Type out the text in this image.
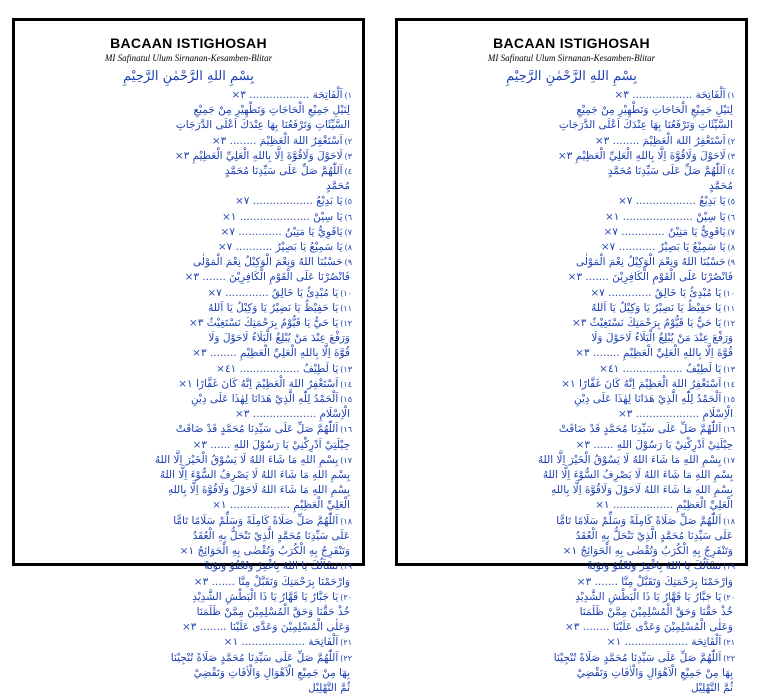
BACAAN ISTIGHOSAH
MI Safinatul Ulum Sirnanan-Kesamben-Blitar
بِسْمِ اللهِ الرَّحْمٰنِ الرَّحِيْمِ
(١
اَلْفَاتِحَة .................. ٣×
لِنَيْلِ جَمِيْعِ الْحَاجَاتِ وَتَطْهِيْرِ مِنْ جَمِيْعِ
السَّيِّئَاتِ وَتَرْفَعُنَا بِهَا عِنْدَكَ اَعْلَى الدَّرَجَاتِ
(٢
اَسْتَغْفِرُ اللهَ الْعَظِيْمَ ........ ٣×
(٣
لَاحَوْلَ وَلَاقُوَّةَ اِلَّا بِاللهِ الْعَلِيِّ الْعَظِيْمِ ٣×
(٤
اَللّٰهُمَّ صَلِّ عَلَى سَيِّدِنَا مُحَمَّدٍ
مُحَمَّدٍ
(٥
يَا بَدِيْعُ .................. ٧×
(٦
يَا سِيْنْ ..................... ١×
(٧
يَاقَوِيُّ يَا مَتِيْنُ ............. ٧×
(٨
يَا سَمِيْعُ يَا بَصِيْرُ ........... ٧×
(٩
حَسْبُنَا اللهُ وَنِعْمَ الْوَكِيْلُ نِعْمَ الْمَوْلٰى
فَانْصُرْنَا عَلَى الْقَوْمِ الْكَافِرِيْنَ ....... ٣×
(١٠
يَا مُبْدِئُ يَا خَالِقُ ............. ٧×
(١١
يَا حَفِيْظُ يَا نَصِيْرُ يَا وَكِيْلُ يَا اَللهُ
(١٢
يَا حَيُّ يَا قَيُّوْمُ بِرَحْمَتِكَ نَسْتَغِيْثُ ٣×
وَرَفْعَ عِنْدَ مَنْ يُبْلِغُ الْبَلَاءُ لَاحَوْلَ وَلَا
قُوَّةَ اِلَّا بِاللهِ الْعَلِيِّ الْعَظِيْمِ ........ ٣×
(١٣
يَا لَطِيْفُ .................. ٤١×
(١٤
اَسْتَغْفِرُ اللهَ الْعَظِيْمَ اِنَّهُ كَانَ غَفَّارًا ١×
(١٥
اَلْحَمْدُ لِلّٰهِ الَّذِيْ هَدَانَا لِهٰذَا عَلَى دِيْنِ
الْاِسْلَامِ ................... ٣×
(١٦
اَللّٰهُمَّ صَلِّ عَلَى سَيِّدِنَا مُحَمَّدٍ قَدْ ضَاقَتْ
حِيْلَتِيْ اَدْرِكْنِيْ يَا رَسُوْلَ اللهِ ...... ٣×
(١٧
بِسْمِ اللهِ مَا شَاءَ اللهُ لَا يَسُوْقُ الْخَيْرَ اِلَّا اللهُ
بِسْمِ اللهِ مَا شَاءَ اللهُ لَا يَصْرِفُ السُّوْءَ اِلَّا اللهُ
بِسْمِ اللهِ مَا شَاءَ اللهُ لَاحَوْلَ وَلَاقُوَّةَ اِلَّا بِاللهِ
الْعَلِيِّ الْعَظِيْمِ .................. ١×
(١٨
اَللّٰهُمَّ صَلِّ صَلَاةً كَامِلَةً وَسَلِّمْ سَلَامًا تَامًّا
عَلَى سَيِّدِنَا مُحَمَّدٍ الَّذِيْ تَنْحَلُّ بِهِ الْعُقَدُ
وَتَنْفَرِجُ بِهِ الْكُرَبُ وَتُقْضٰى بِهِ الْحَوَائِجُ ١×
(١٩
نَسْاَلُكَ يَا اللهُ بِاغْفِرْ وَتُعْفُوْ وَتَوْبَةً
وَارْحَمْنَا بِرَحْمَتِكَ وَتَقَبَّلْ مِنَّا ....... ٣×
(٢٠
يَا جَبَّارُ يَا قَهَّارُ يَا ذَا الْبَطْشِ الشَّدِيْدِ
خُذْ حَقَّنَا وَحَقَّ الْمُسْلِمِيْنَ مِمَّنْ ظَلَمَنَا
وَعَلٰى الْمُسْلِمِيْنَ وَعَدَّى عَلَيْنَا ........ ٣×
(٢١
اَلْفَاتِحَة ................... ١×
(٢٢
اَللّٰهُمَّ صَلِّ عَلَى سَيِّدِنَا مُحَمَّدٍ صَلَاةً تُنْجِيْنَا
بِهَا مِنْ جَمِيْعِ الْاَهْوَالِ وَالْاٰفَاتِ وَتَقْضِيْ
ثُمَّ التَّهْلِيْل
BACAAN ISTIGHOSAH
MI Safinatul Ulum Sirnanan-Kesamben-Blitar
بِسْمِ اللهِ الرَّحْمٰنِ الرَّحِيْمِ
(١
اَلْفَاتِحَة .................. ٣×
لِنَيْلِ جَمِيْعِ الْحَاجَاتِ وَتَطْهِيْرِ مِنْ جَمِيْعِ
السَّيِّئَاتِ وَتَرْفَعُنَا بِهَا عِنْدَكَ اَعْلَى الدَّرَجَاتِ
(٢
اَسْتَغْفِرُ اللهَ الْعَظِيْمَ ........ ٣×
(٣
لَاحَوْلَ وَلَاقُوَّةَ اِلَّا بِاللهِ الْعَلِيِّ الْعَظِيْمِ ٣×
(٤
اَللّٰهُمَّ صَلِّ عَلَى سَيِّدِنَا مُحَمَّدٍ
مُحَمَّدٍ
(٥
يَا بَدِيْعُ .................. ٧×
(٦
يَا سِيْنْ ..................... ١×
(٧
يَاقَوِيُّ يَا مَتِيْنُ ............. ٧×
(٨
يَا سَمِيْعُ يَا بَصِيْرُ ........... ٧×
(٩
حَسْبُنَا اللهُ وَنِعْمَ الْوَكِيْلُ نِعْمَ الْمَوْلٰى
فَانْصُرْنَا عَلَى الْقَوْمِ الْكَافِرِيْنَ ....... ٣×
(١٠
يَا مُبْدِئُ يَا خَالِقُ ............. ٧×
(١١
يَا حَفِيْظُ يَا نَصِيْرُ يَا وَكِيْلُ يَا اَللهُ
(١٢
يَا حَيُّ يَا قَيُّوْمُ بِرَحْمَتِكَ نَسْتَغِيْثُ ٣×
وَرَفْعَ عِنْدَ مَنْ يُبْلِغُ الْبَلَاءُ لَاحَوْلَ وَلَا
قُوَّةَ اِلَّا بِاللهِ الْعَلِيِّ الْعَظِيْمِ ........ ٣×
(١٣
يَا لَطِيْفُ .................. ٤١×
(١٤
اَسْتَغْفِرُ اللهَ الْعَظِيْمَ اِنَّهُ كَانَ غَفَّارًا ١×
(١٥
اَلْحَمْدُ لِلّٰهِ الَّذِيْ هَدَانَا لِهٰذَا عَلَى دِيْنِ
الْاِسْلَامِ ................... ٣×
(١٦
اَللّٰهُمَّ صَلِّ عَلَى سَيِّدِنَا مُحَمَّدٍ قَدْ ضَاقَتْ
حِيْلَتِيْ اَدْرِكْنِيْ يَا رَسُوْلَ اللهِ ...... ٣×
(١٧
بِسْمِ اللهِ مَا شَاءَ اللهُ لَا يَسُوْقُ الْخَيْرَ اِلَّا اللهُ
بِسْمِ اللهِ مَا شَاءَ اللهُ لَا يَصْرِفُ السُّوْءَ اِلَّا اللهُ
بِسْمِ اللهِ مَا شَاءَ اللهُ لَاحَوْلَ وَلَاقُوَّةَ اِلَّا بِاللهِ
الْعَلِيِّ الْعَظِيْمِ .................. ١×
(١٨
اَللّٰهُمَّ صَلِّ صَلَاةً كَامِلَةً وَسَلِّمْ سَلَامًا تَامًّا
عَلَى سَيِّدِنَا مُحَمَّدٍ الَّذِيْ تَنْحَلُّ بِهِ الْعُقَدُ
وَتَنْفَرِجُ بِهِ الْكُرَبُ وَتُقْضٰى بِهِ الْحَوَائِجُ ١×
(١٩
نَسْاَلُكَ يَا اللهُ بِاغْفِرْ وَتُعْفُوْ وَتَوْبَةً
وَارْحَمْنَا بِرَحْمَتِكَ وَتَقَبَّلْ مِنَّا ....... ٣×
(٢٠
يَا جَبَّارُ يَا قَهَّارُ يَا ذَا الْبَطْشِ الشَّدِيْدِ
خُذْ حَقَّنَا وَحَقَّ الْمُسْلِمِيْنَ مِمَّنْ ظَلَمَنَا
وَعَلٰى الْمُسْلِمِيْنَ وَعَدَّى عَلَيْنَا ........ ٣×
(٢١
اَلْفَاتِحَة ................... ١×
(٢٢
اَللّٰهُمَّ صَلِّ عَلَى سَيِّدِنَا مُحَمَّدٍ صَلَاةً تُنْجِيْنَا
بِهَا مِنْ جَمِيْعِ الْاَهْوَالِ وَالْاٰفَاتِ وَتَقْضِيْ
ثُمَّ التَّهْلِيْل
